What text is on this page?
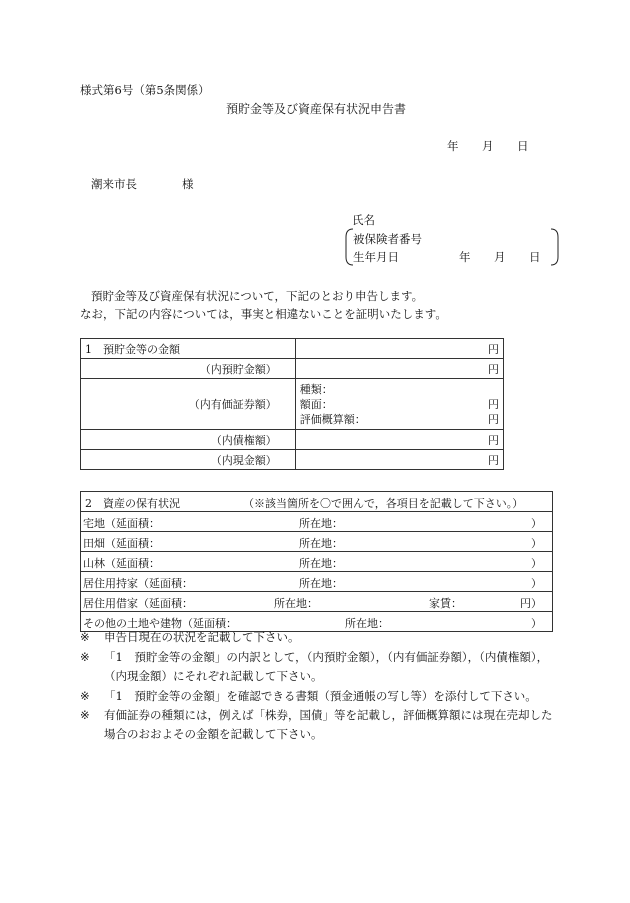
様式第6号（第5条関係）
預貯金等及び資産保有状況申告書
年 月 日
潮来市長	様
氏名
被保険者番号
生年月日	年 月 日
預貯金等及び資産保有状況について，下記のとおり申告します。
なお，下記の内容については，事実と相違ないことを証明いたします。
1　預貯金等の金額	円
（内預貯金額）	円
（内有価証券額）	種類：
額面： 円
評価概算額： 円

（内債権額）	円
（内現金額）	円
2　資産の保有状況	（※該当箇所を〇で囲んで，各項目を記載して下さい。）
宅地（延面積：	所在地：	）
田畑（延面積：	所在地：	）
山林（延面積：	所在地：	）
居住用持家（延面積：	所在地：	）
居住用借家（延面積：	所在地：	家賃：	円）
その他の土地や建物（延面積：	所在地：	）
※ 申告日現在の状況を記載して下さい。
※ 「1　預貯金等の金額」の内訳として，（内預貯金額），（内有価証券額），（内債権額），（内現金額）にそれぞれ記載して下さい。
※ 「1　預貯金等の金額」を確認できる書類（預金通帳の写し等）を添付して下さい。
※ 有価証券の種類には，例えば「株券，国債」等を記載し，評価概算額には現在売却した場合のおおよその金額を記載して下さい。
